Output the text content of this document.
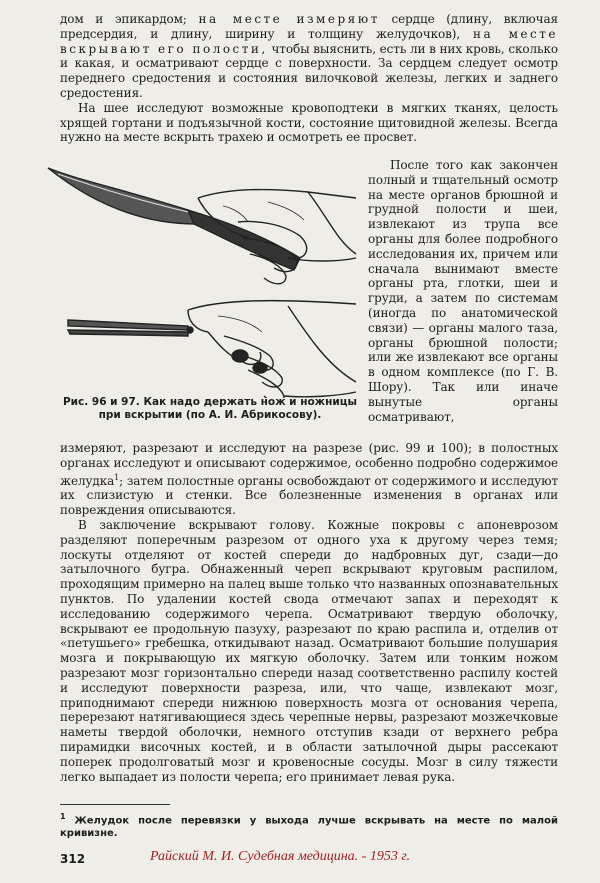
дом и эпикардом; на месте измеряют сердце (длину, включая предсердия, и длину, ширину и толщину желудочков), на месте вскрывают его полости, чтобы выяснить, есть ли в них кровь, сколько и какая, и осматривают сердце с поверхности. За сердцем следует осмотр переднего средостения и состояния вилочковой железы, легких и заднего средостения.

На шее исследуют возможные кровоподтеки в мягких тканях, целость хрящей гортани и подъязычной кости, состояние щитовидной железы. Всегда нужно на месте вскрыть трахею и осмотреть ее просвет.

Рис. 96 и 97. Как надо держать нож и ножницы при вскрытии (по А. И. Абрикосову).

После того как закончен полный и тщательный осмотр на месте органов брюшной и грудной полости и шеи, извлекают из трупа все органы для более подробного исследования их, причем или сначала вынимают вместе органы рта, глотки, шеи и груди, а затем по системам (иногда по анатомической связи) — органы малого таза, органы брюшной полости; или же извлекают все органы в одном комплексе (по Г. В. Шору). Так или иначе вынутые органы осматривают,

измеряют, разрезают и исследуют на разрезе (рис. 99 и 100); в полостных органах исследуют и описывают содержимое, особенно подробно содержимое желудка$^1$; затем полостные органы освобождают от содержимого и исследуют их слизистую и стенки. Все болезненные изменения в органах или повреждения описываются.

В заключение вскрывают голову. Кожные покровы с апоневрозом разделяют поперечным разрезом от одного уха к другому через темя; лоскуты отделяют от костей спереди до надбровных дуг, сзади—до затылочного бугра. Обнаженный череп вскрывают круговым распилом, проходящим примерно на палец выше только что названных опознавательных пунктов. По удалении костей свода отмечают запах и переходят к исследованию содержимого черепа. Осматривают твердую оболочку, вскрывают ее продольную пазуху, разрезают по краю распила и, отделив от «петушьего» гребешка, откидывают назад. Осматривают большие полушария мозга и покрывающую их мягкую оболочку. Затем или тонким ножом разрезают мозг горизонтально спереди назад соответственно распилу костей и исследуют поверхности разреза, или, что чаще, извлекают мозг, приподнимают спереди нижнюю поверхность мозга от основания черепа, перерезают натягивающиеся здесь черепные нервы, разрезают мозжечковые наметы твердой оболочки, немного отступив кзади от верхнего ребра пирамидки височных костей, и в области затылочной дыры рассекают поперек продолговатый мозг и кровеносные сосуды. Мозг в силу тяжести легко выпадает из полости черепа; его принимает левая рука.

$^1$ Желудок после перевязки у выхода лучше вскрывать на месте по малой кривизне.
312	Райский М. И. Судебная медицина. - 1953 г.
